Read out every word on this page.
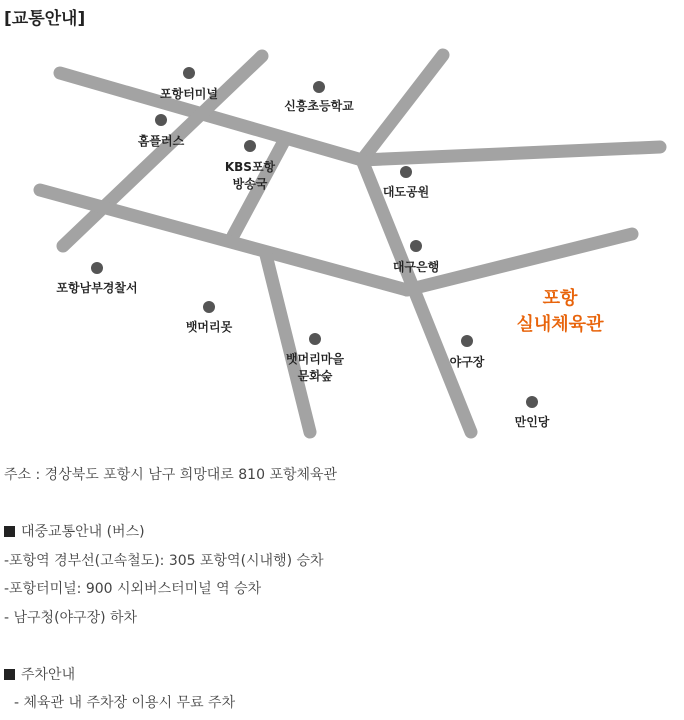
[교통안내]
포항터미널
신흥초등학교
홈플러스
KBS포항 방송국
대도공원
대구은행
포항남부경찰서
뱃머리못
뱃머리마을 문화숲
야구장
만인당
포항 실내체육관
주소 : 경상북도 포항시 남구 희망대로 810 포항체육관
대중교통안내 (버스)
-포항역 경부선(고속철도): 305 포항역(시내행) 승차
-포항터미널: 900 시외버스터미널 역 승차
- 남구청(야구장) 하차
주차안내
- 체육관 내 주차장 이용시 무료 주차
